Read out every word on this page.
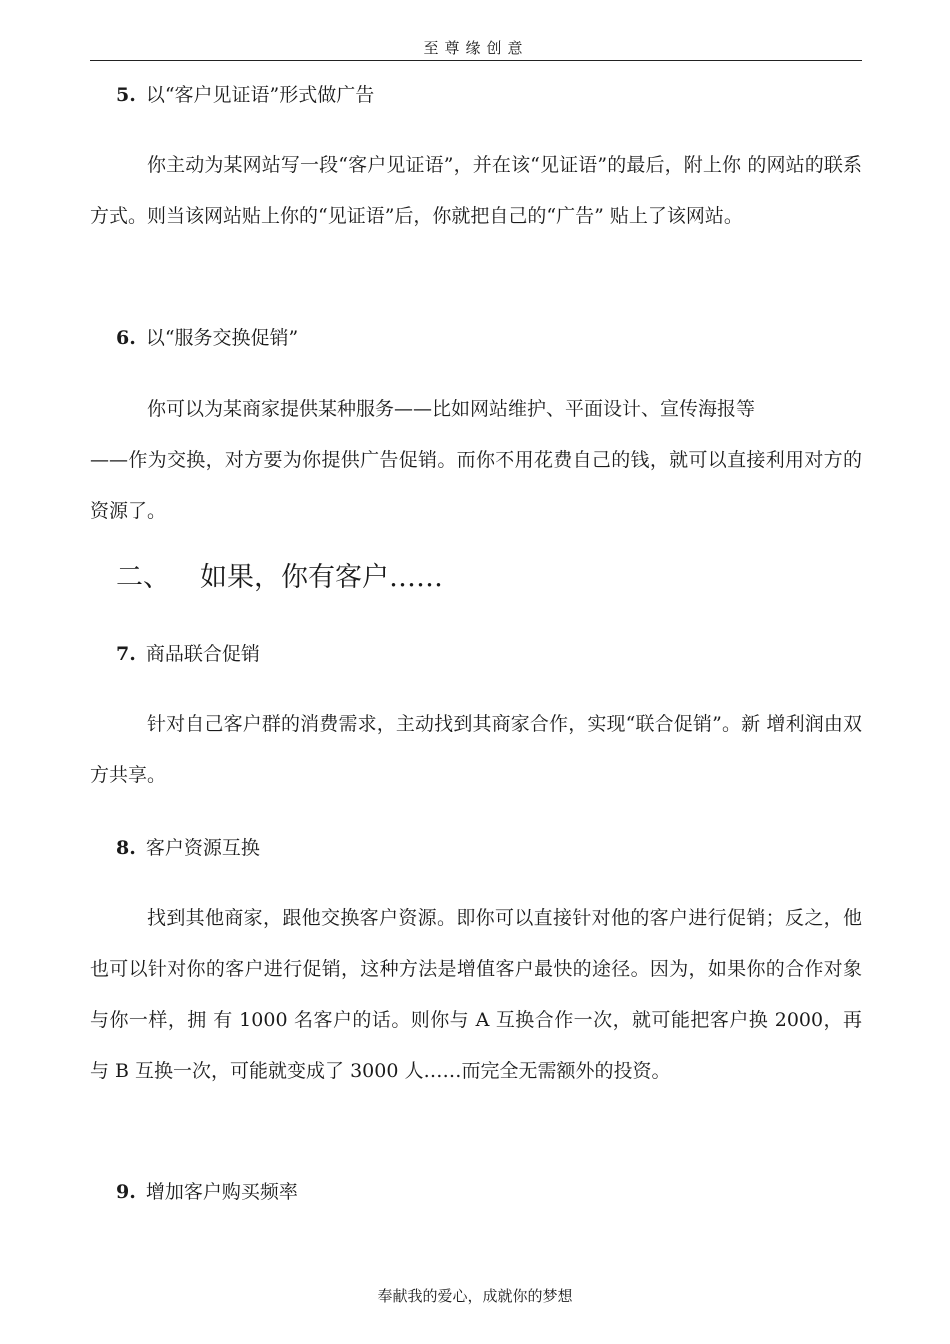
至尊缘创意
5. 以“客户见证语”形式做广告
你主动为某网站写一段“客户见证语”，并在该“见证语”的最后，附上你 的网站的联系方式。则当该网站贴上你的“见证语”后，你就把自己的“广告” 贴上了该网站。
6. 以“服务交换促销”
你可以为某商家提供某种服务——比如网站维护、平面设计、宣传海报等
——作为交换，对方要为你提供广告促销。而你不用花费自己的钱，就可以直接利用对方的资源了。
二、 如果，你有客户……
7. 商品联合促销
针对自己客户群的消费需求，主动找到其商家合作，实现“联合促销”。新 增利润由双方共享。
8. 客户资源互换
找到其他商家，跟他交换客户资源。即你可以直接针对他的客户进行促销；反之，他也可以针对你的客户进行促销，这种方法是增值客户最快的途径。因为，如果你的合作对象与你一样，拥 有 1000 名客户的话。则你与 A 互换合作一次，就可能把客户换 2000，再与 B 互换一次，可能就变成了 3000 人……而完全无需额外的投资。
9. 增加客户购买频率
奉献我的爱心，成就你的梦想
